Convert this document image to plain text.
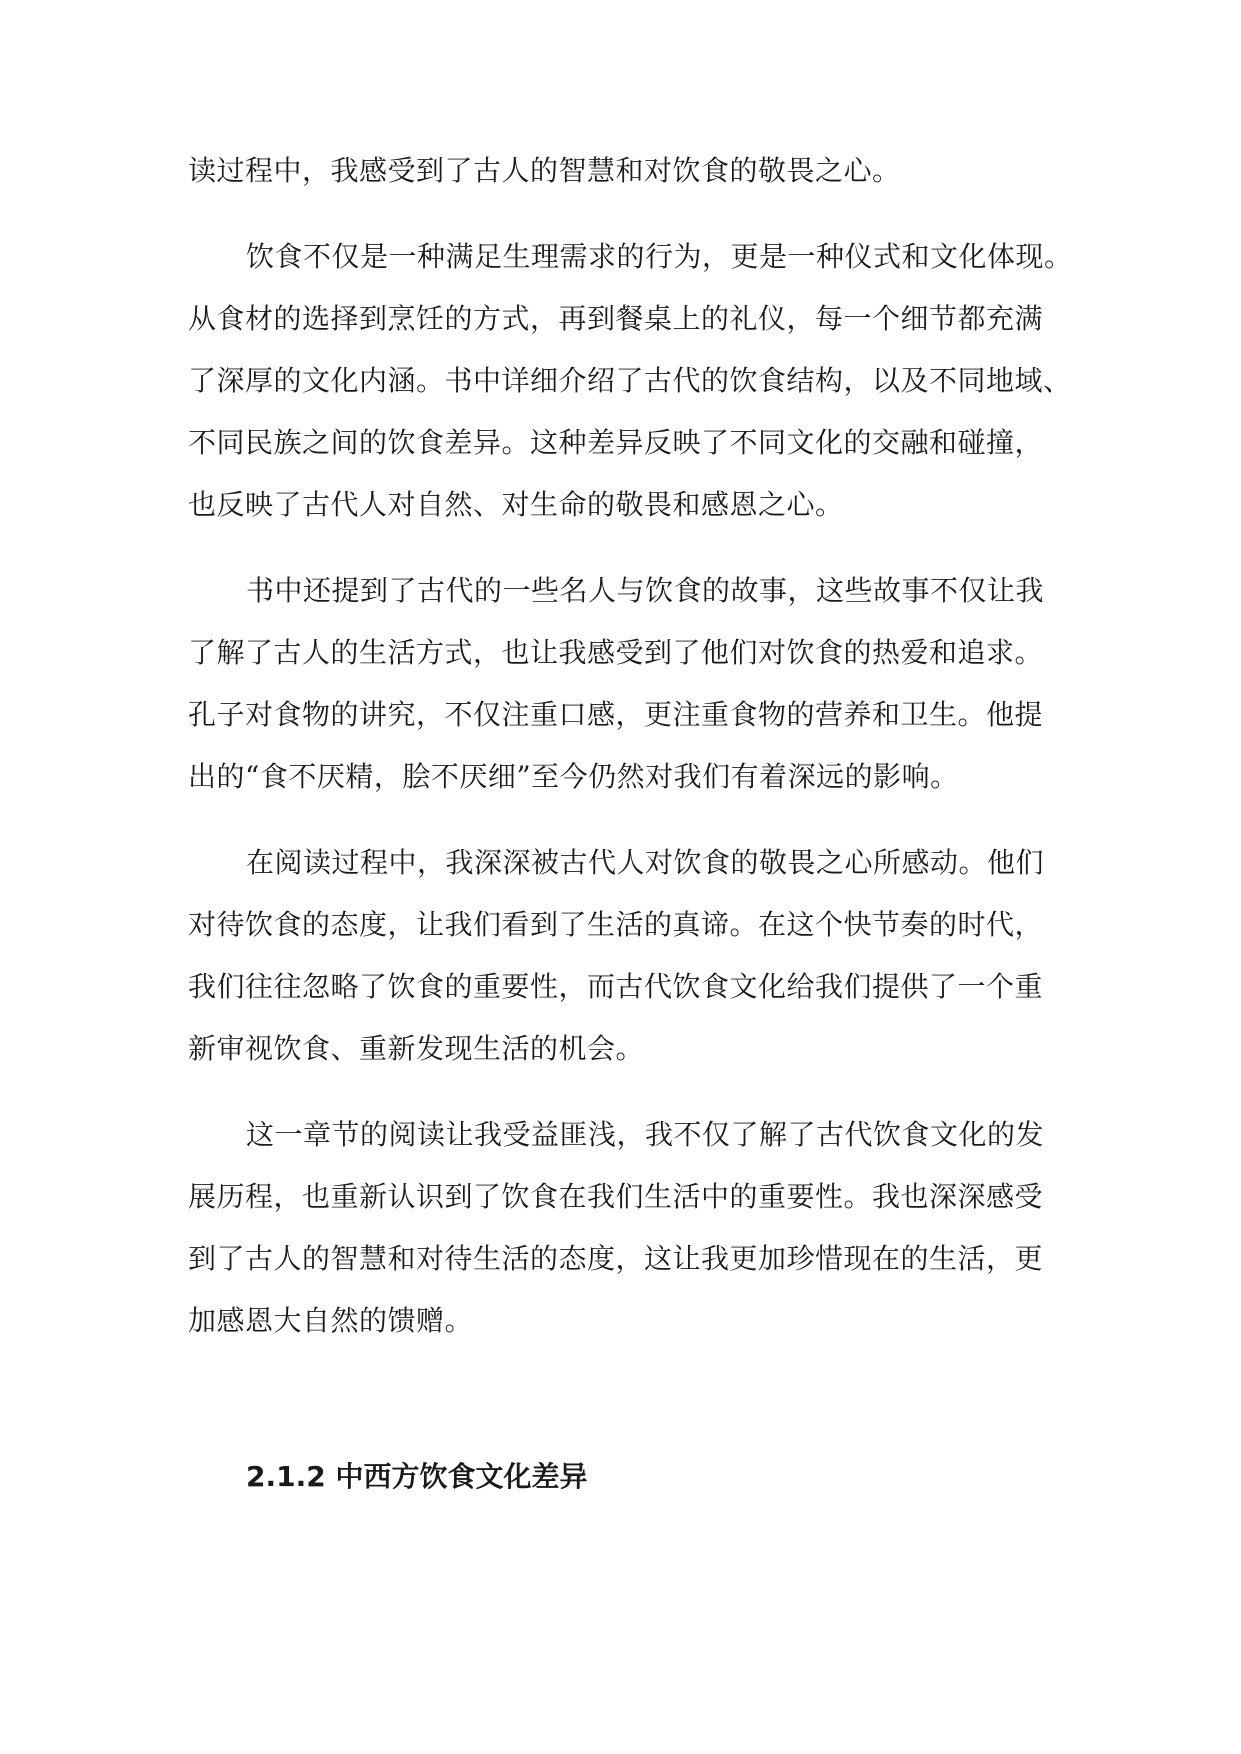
读过程中，我感受到了古人的智慧和对饮食的敬畏之心。
饮食不仅是一种满足生理需求的行为，更是一种仪式和文化体现。
从食材的选择到烹饪的方式，再到餐桌上的礼仪，每一个细节都充满
了深厚的文化内涵。书中详细介绍了古代的饮食结构，以及不同地域、
不同民族之间的饮食差异。这种差异反映了不同文化的交融和碰撞，
也反映了古代人对自然、对生命的敬畏和感恩之心。
书中还提到了古代的一些名人与饮食的故事，这些故事不仅让我
了解了古人的生活方式，也让我感受到了他们对饮食的热爱和追求。
孔子对食物的讲究，不仅注重口感，更注重食物的营养和卫生。他提
出的“食不厌精，脍不厌细”至今仍然对我们有着深远的影响。
在阅读过程中，我深深被古代人对饮食的敬畏之心所感动。他们
对待饮食的态度，让我们看到了生活的真谛。在这个快节奏的时代，
我们往往忽略了饮食的重要性，而古代饮食文化给我们提供了一个重
新审视饮食、重新发现生活的机会。
这一章节的阅读让我受益匪浅，我不仅了解了古代饮食文化的发
展历程，也重新认识到了饮食在我们生活中的重要性。我也深深感受
到了古人的智慧和对待生活的态度，这让我更加珍惜现在的生活，更
加感恩大自然的馈赠。
2.1.2 中西方饮食文化差异
